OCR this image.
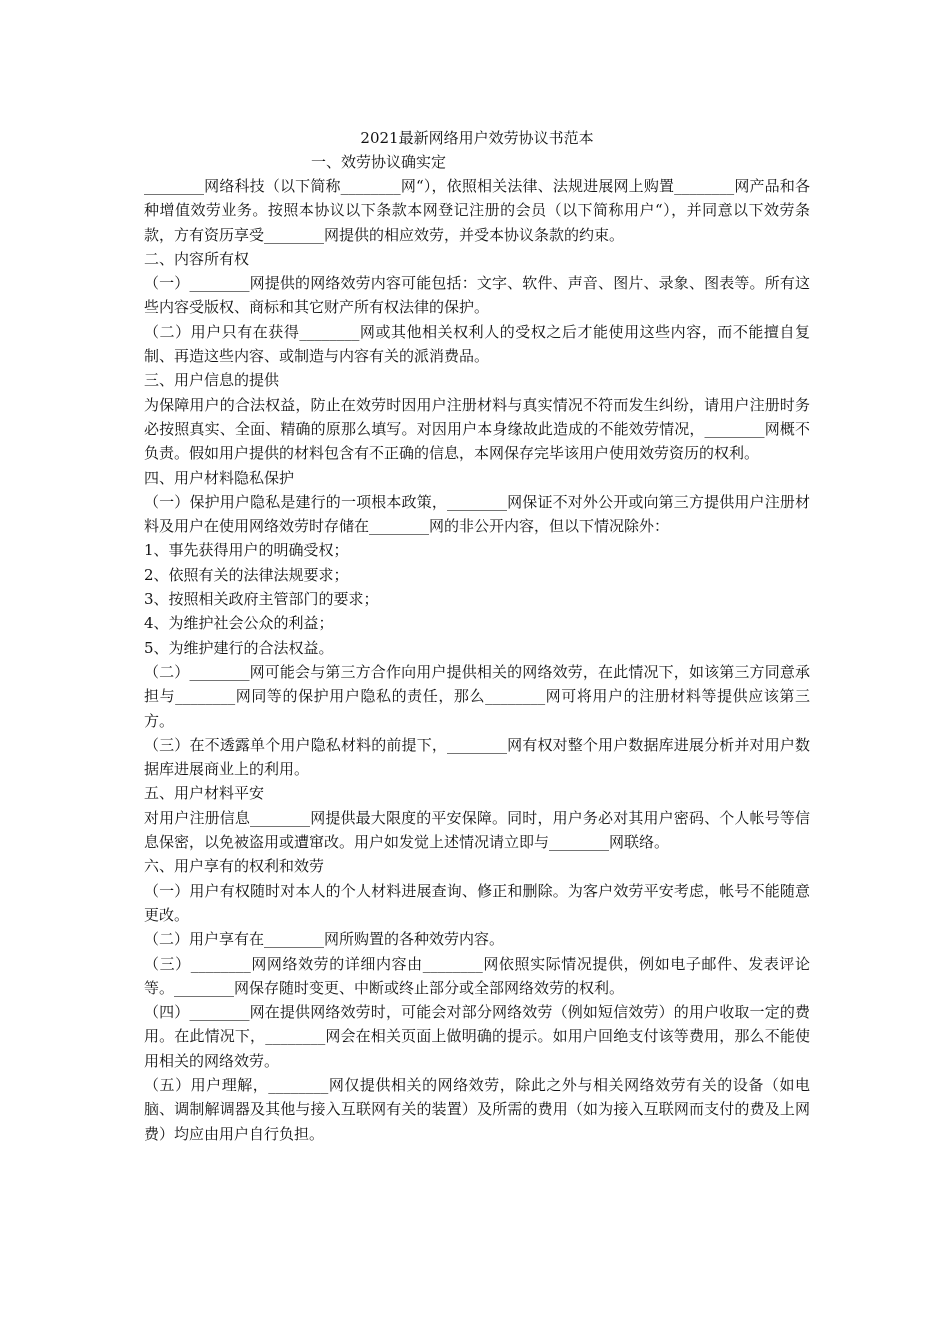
2021最新网络用户效劳协议书范本
一、效劳协议确实定

________网络科技（以下简称________网“），依照相关法律、法规进展网上购置________网产品和各种增值效劳业务。按照本协议以下条款本网登记注册的会员（以下简称用户“），并同意以下效劳条款，方有资历享受________网提供的相应效劳，并受本协议条款的约束。

二、内容所有权

（一）________网提供的网络效劳内容可能包括：文字、软件、声音、图片、录象、图表等。所有这些内容受版权、商标和其它财产所有权法律的保护。

（二）用户只有在获得________网或其他相关权利人的受权之后才能使用这些内容，而不能擅自复制、再造这些内容、或制造与内容有关的派消费品。

三、用户信息的提供

为保障用户的合法权益，防止在效劳时因用户注册材料与真实情况不符而发生纠纷，请用户注册时务必按照真实、全面、精确的原那么填写。对因用户本身缘故此造成的不能效劳情况，________网概不负责。假如用户提供的材料包含有不正确的信息，本网保存完毕该用户使用效劳资历的权利。

四、用户材料隐私保护

（一）保护用户隐私是建行的一项根本政策，________网保证不对外公开或向第三方提供用户注册材料及用户在使用网络效劳时存储在________网的非公开内容，但以下情况除外：

1、事先获得用户的明确受权；

2、依照有关的法律法规要求；

3、按照相关政府主管部门的要求；

4、为维护社会公众的利益；

5、为维护建行的合法权益。

（二）________网可能会与第三方合作向用户提供相关的网络效劳，在此情况下，如该第三方同意承担与________网同等的保护用户隐私的责任，那么________网可将用户的注册材料等提供应该第三方。

（三）在不透露单个用户隐私材料的前提下，________网有权对整个用户数据库进展分析并对用户数据库进展商业上的利用。

五、用户材料平安

对用户注册信息________网提供最大限度的平安保障。同时，用户务必对其用户密码、个人帐号等信息保密，以免被盗用或遭窜改。用户如发觉上述情况请立即与________网联络。

六、用户享有的权利和效劳

（一）用户有权随时对本人的个人材料进展查询、修正和删除。为客户效劳平安考虑，帐号不能随意更改。

（二）用户享有在________网所购置的各种效劳内容。

（三）________网网络效劳的详细内容由________网依照实际情况提供，例如电子邮件、发表评论等。________网保存随时变更、中断或终止部分或全部网络效劳的权利。

（四）________网在提供网络效劳时，可能会对部分网络效劳（例如短信效劳）的用户收取一定的费用。在此情况下，________网会在相关页面上做明确的提示。如用户回绝支付该等费用，那么不能使用相关的网络效劳。

（五）用户理解，________网仅提供相关的网络效劳，除此之外与相关网络效劳有关的设备（如电脑、调制解调器及其他与接入互联网有关的装置）及所需的费用（如为接入互联网而支付的费及上网费）均应由用户自行负担。
